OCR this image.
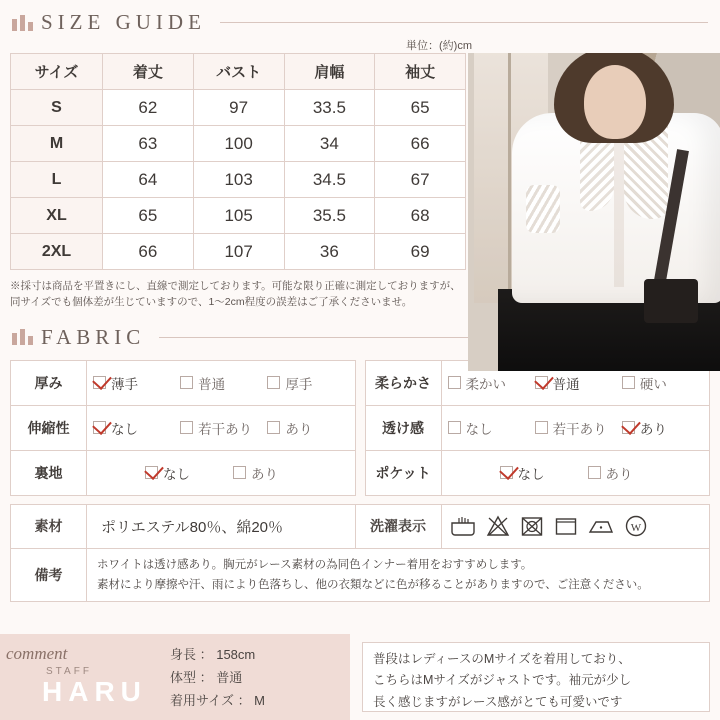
SIZE GUIDE
単位：(約)cm
サイズ	着丈	バスト	肩幅	袖丈
S	62	97	33.5	65
M	63	100	34	66
L	64	103	34.5	67
XL	65	105	35.5	68
2XL	66	107	36	69
※採寸は商品を平置きにし、直線で測定しております。可能な限り正確に測定しておりますが、同サイズでも個体差が生じていますので、1～2cm程度の誤差はご了承くださいませ。
FABRIC
厚み	薄手 普通 厚手		柔らかさ	柔かい 普通 硬い

伸縮性	なし 若干あり あり		透け感	なし 若干あり あり

裏地	なし あり		ポケット	なし あり
素材	ポリエステル80％、綿20％	洗濯表示	W

備考	ホワイトは透け感あり。胸元がレース素材の為同色インナー着用をおすすめします。
素材により摩擦や汗、雨により色落ちし、他の衣類などに色が移ることがありますので、ご注意ください。		
comment
STAFF
HARU
身長 ： 158cm
体型 ： 普通
着用サイズ ： M
普段はレディースのMサイズを着用しており、
こちらはMサイズがジャストです。袖元が少し
長く感じますがレース感がとても可愛いです
